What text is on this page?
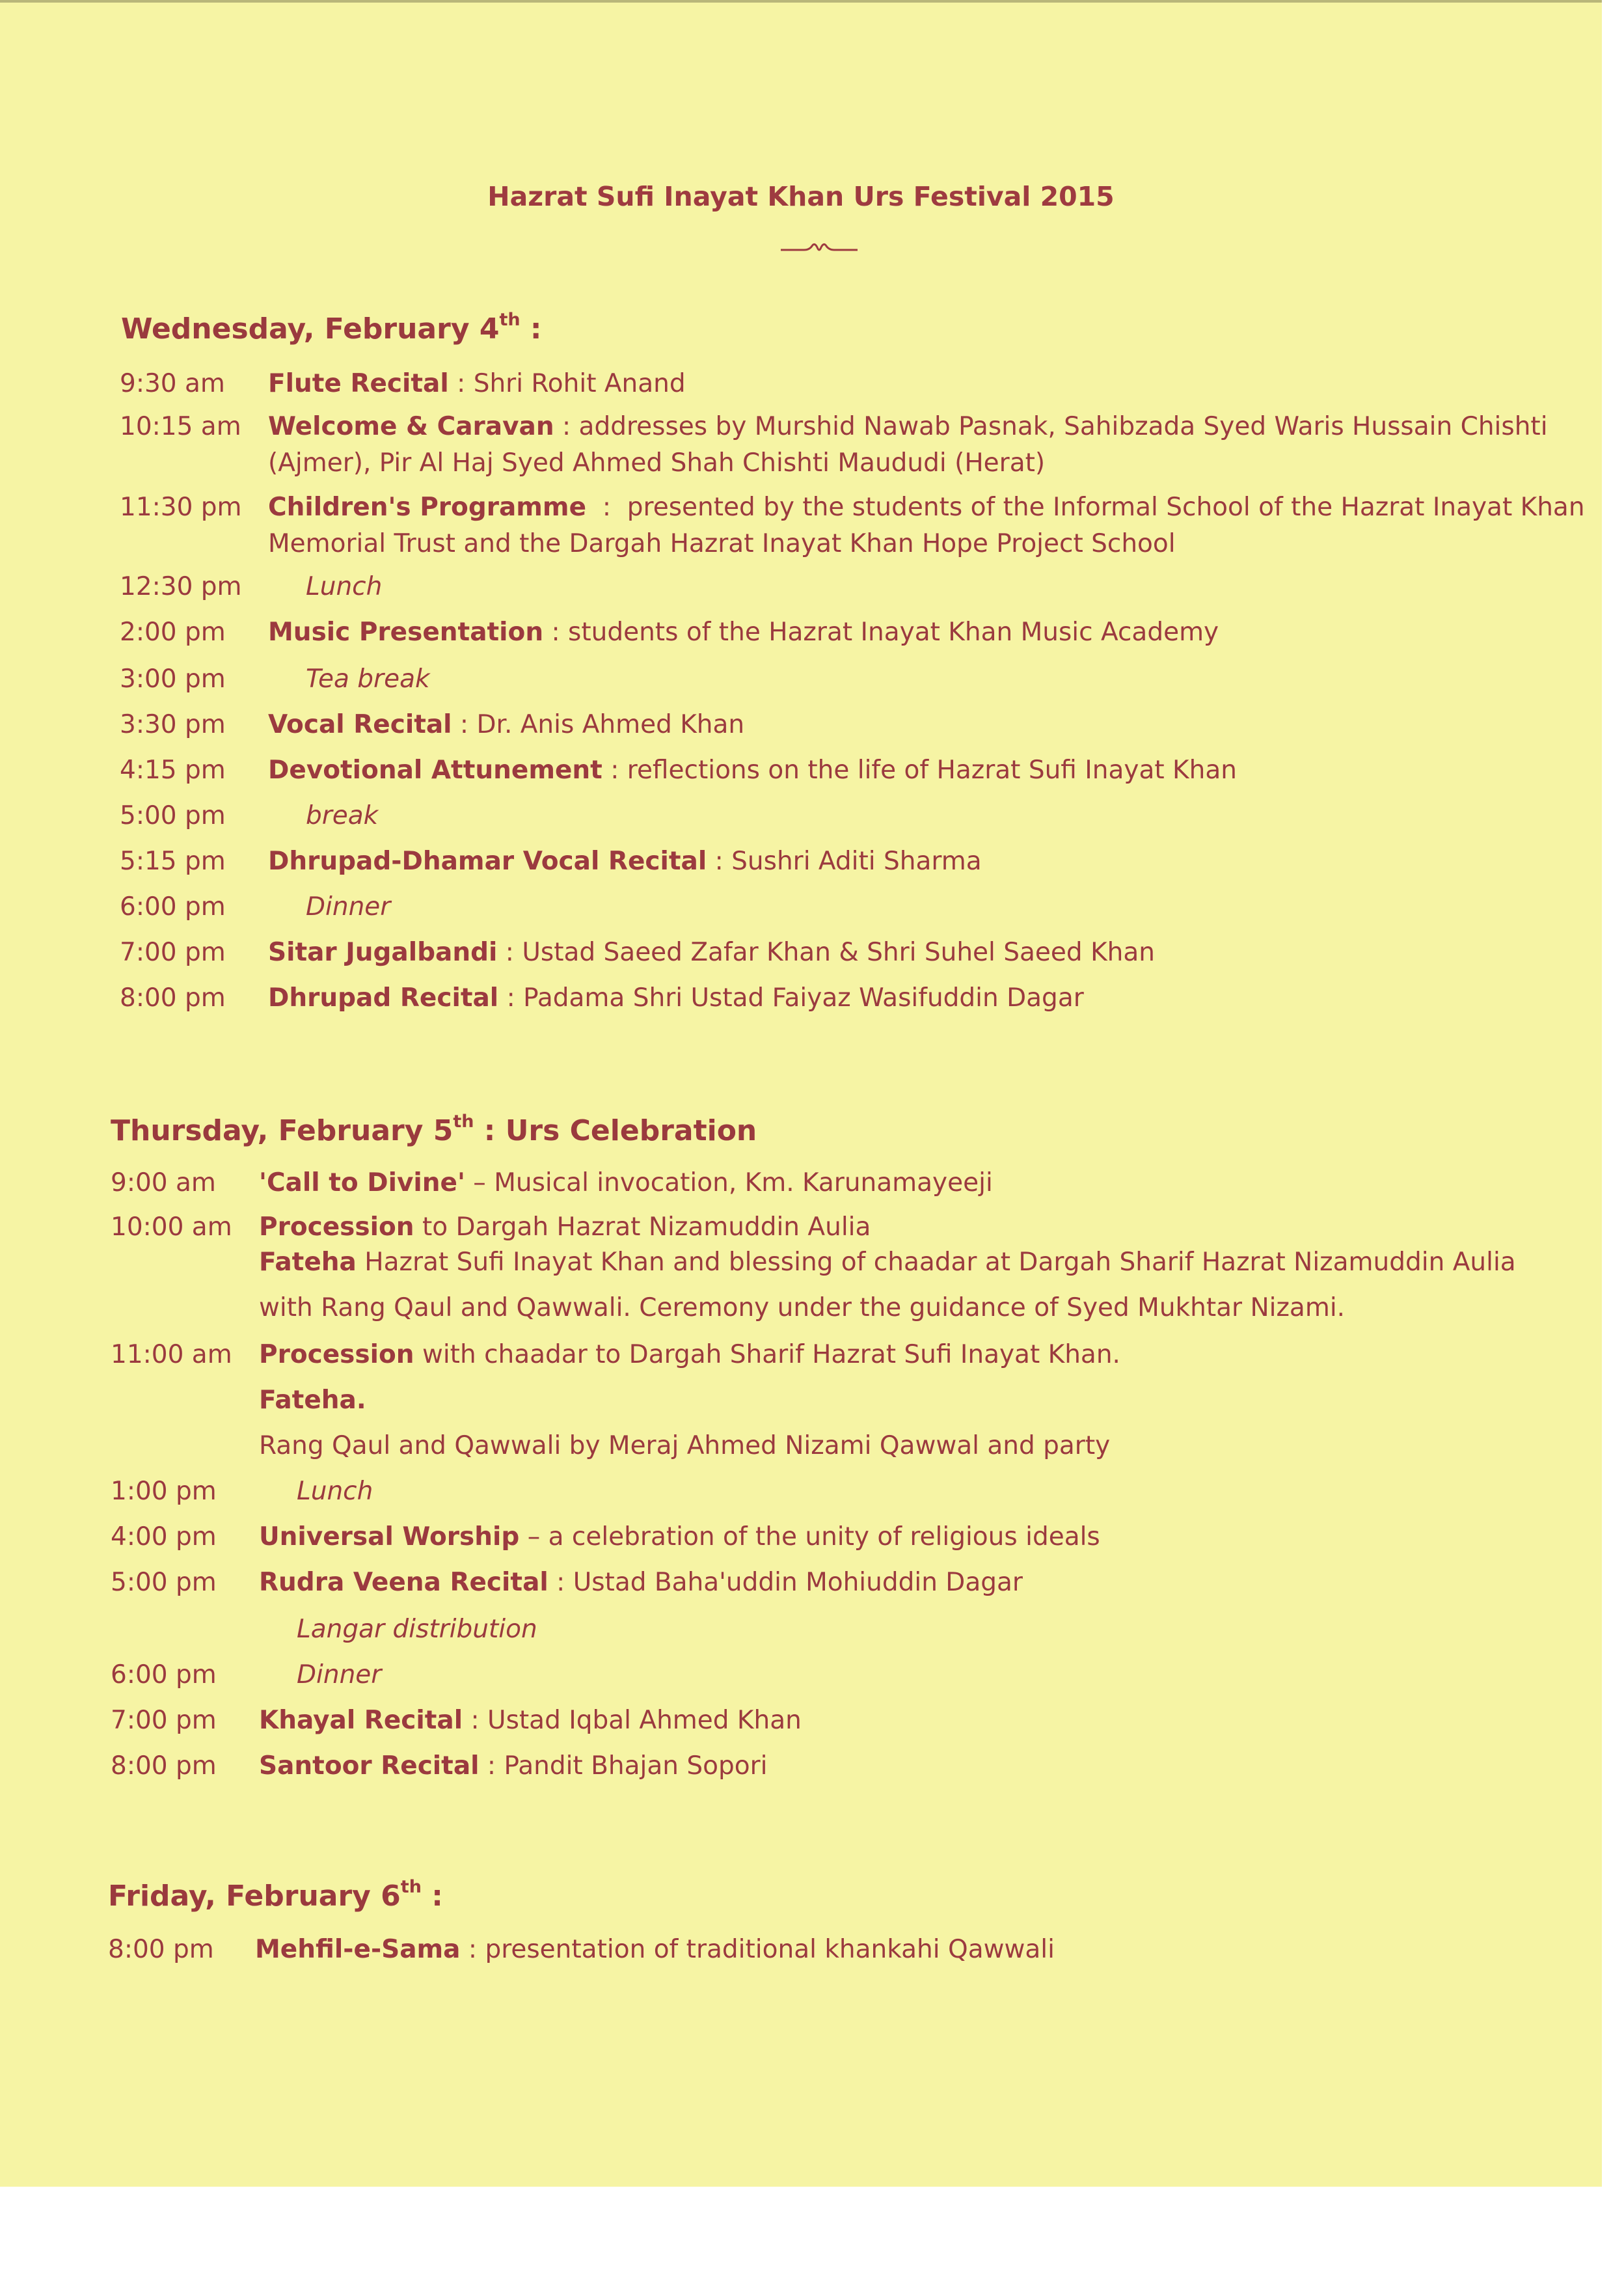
Hazrat Sufi Inayat Khan Urs Festival 2015
Wednesday, February 4th :
9:30 am	Flute Recital : Shri Rohit Anand
10:15 am	Welcome & Caravan : addresses by Murshid Nawab Pasnak, Sahibzada Syed Waris Hussain Chishti
(Ajmer), Pir Al Haj Syed Ahmed Shah Chishti Maududi (Herat)
11:30 pm	Children's Programme  :  presented by the students of the Informal School of the Hazrat Inayat Khan
Memorial Trust and the Dargah Hazrat Inayat Khan Hope Project School
12:30 pm	Lunch
2:00 pm	Music Presentation : students of the Hazrat Inayat Khan Music Academy
3:00 pm	Tea break
3:30 pm	Vocal Recital : Dr. Anis Ahmed Khan
4:15 pm	Devotional Attunement : reflections on the life of Hazrat Sufi Inayat Khan
5:00 pm	break
5:15 pm	Dhrupad-Dhamar Vocal Recital : Sushri Aditi Sharma
6:00 pm	Dinner
7:00 pm	Sitar Jugalbandi : Ustad Saeed Zafar Khan & Shri Suhel Saeed Khan
8:00 pm	Dhrupad Recital : Padama Shri Ustad Faiyaz Wasifuddin Dagar
Thursday, February 5th : Urs Celebration
9:00 am	'Call to Divine' – Musical invocation, Km. Karunamayeeji
10:00 am	Procession to Dargah Hazrat Nizamuddin Aulia
Fateha Hazrat Sufi Inayat Khan and blessing of chaadar at Dargah Sharif Hazrat Nizamuddin Aulia
with Rang Qaul and Qawwali. Ceremony under the guidance of Syed Mukhtar Nizami.
11:00 am	Procession with chaadar to Dargah Sharif Hazrat Sufi Inayat Khan.
Fateha.
Rang Qaul and Qawwali by Meraj Ahmed Nizami Qawwal and party
1:00 pm	Lunch
4:00 pm	Universal Worship – a celebration of the unity of religious ideals
5:00 pm	Rudra Veena Recital : Ustad Baha'uddin Mohiuddin Dagar
Langar distribution
6:00 pm	Dinner
7:00 pm	Khayal Recital : Ustad Iqbal Ahmed Khan
8:00 pm	Santoor Recital : Pandit Bhajan Sopori
Friday, February 6th :
8:00 pm	Mehfil-e-Sama : presentation of traditional khankahi Qawwali
